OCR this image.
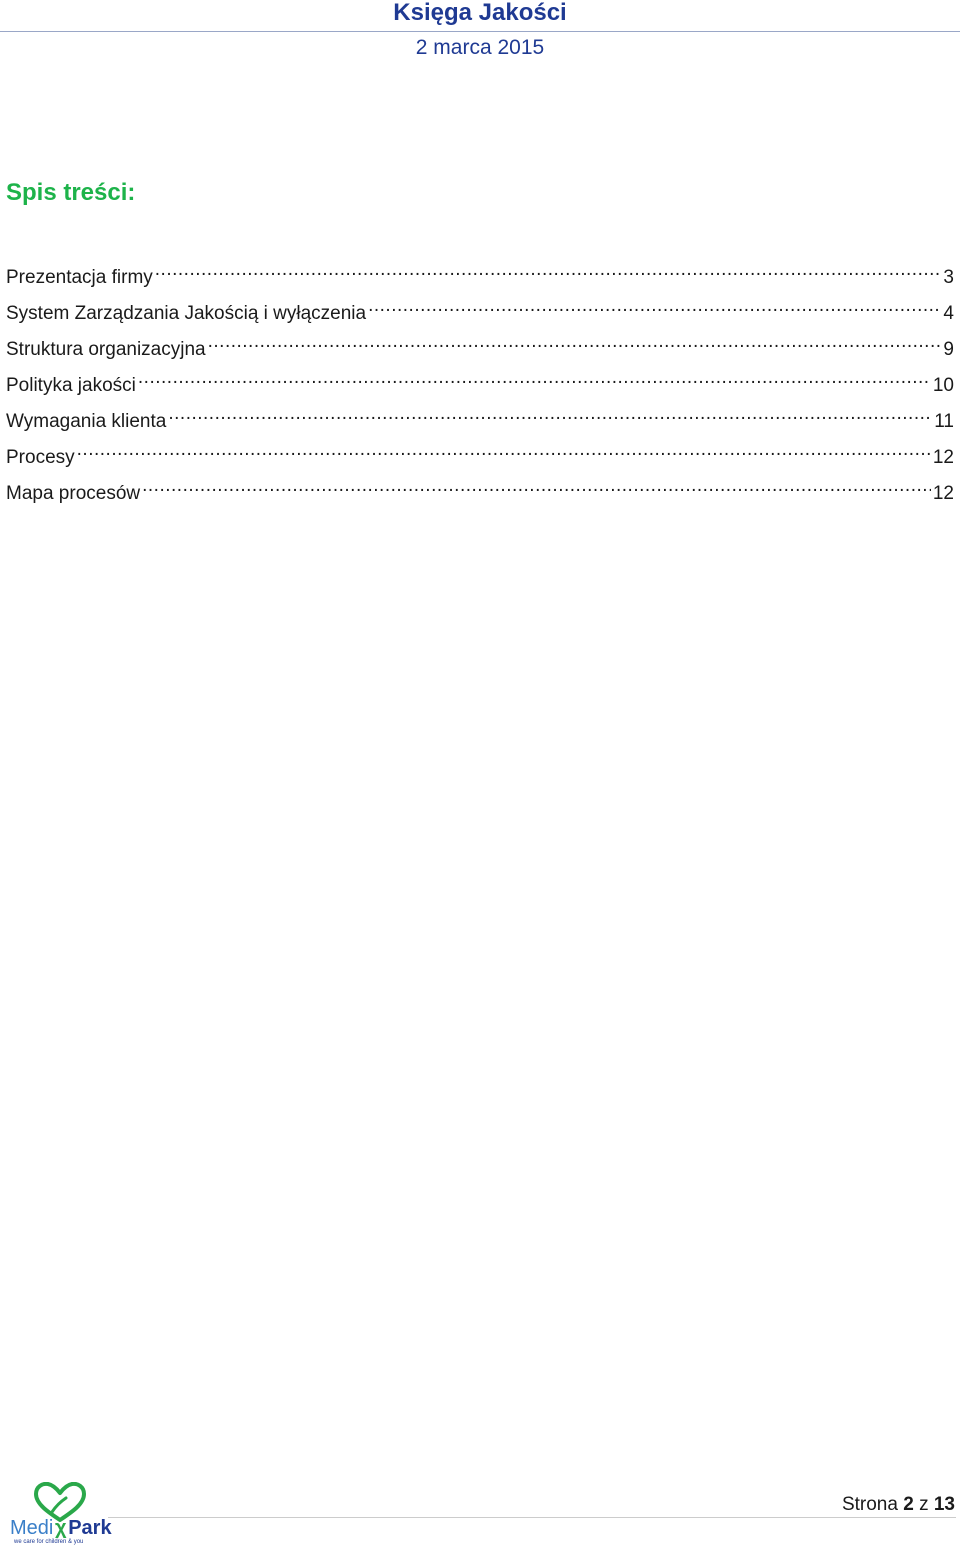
Księga Jakości
2 marca 2015
Spis treści:
Prezentacja firmy .....	3
System Zarządzania Jakością i wyłączenia .....	4
Struktura organizacyjna .....	9
Polityka jakości .....	10
Wymagania klienta .....	11
Procesy .....	12
Mapa procesów .....	12
Medi χ Park
we care for children & you
Strona 2 z 13
